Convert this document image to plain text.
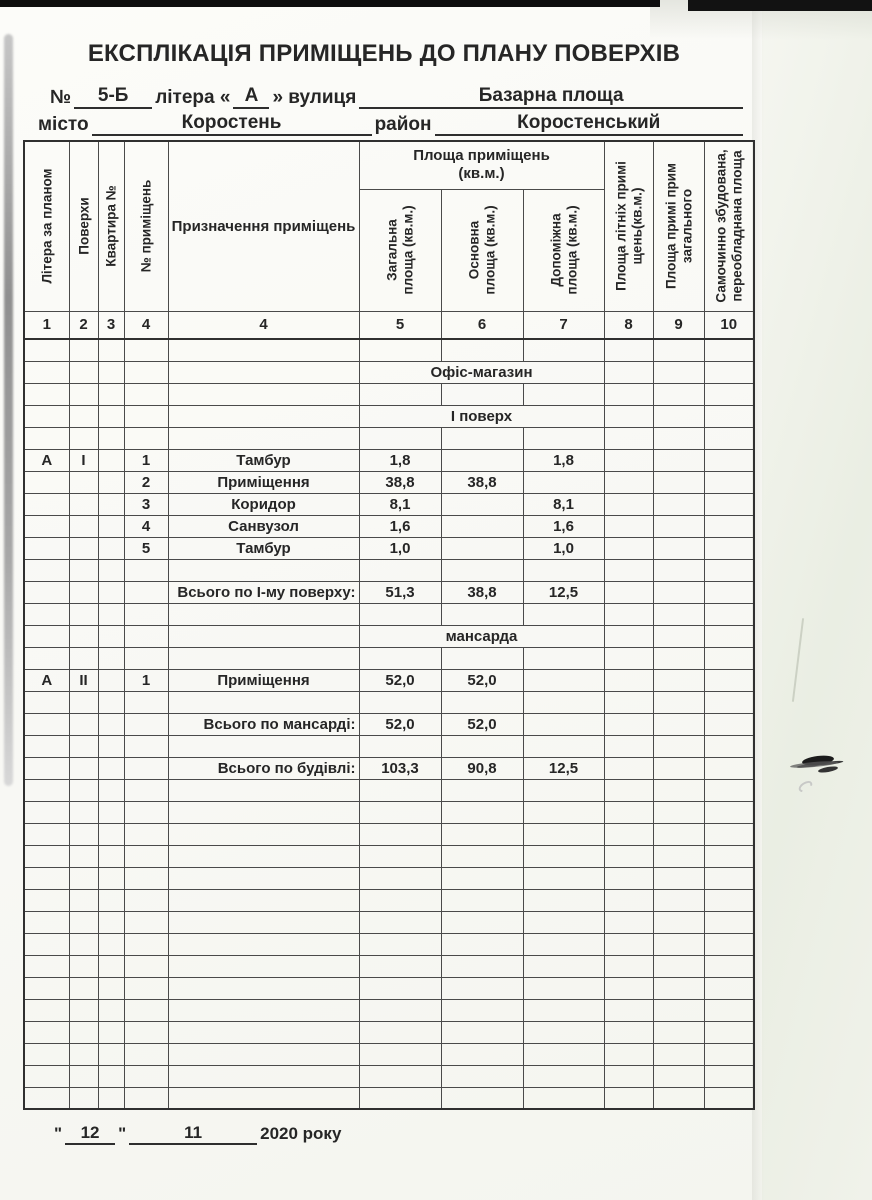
ЕКСПЛІКАЦІЯ ПРИМІЩЕНЬ ДО ПЛАНУ ПОВЕРХІВ
№	5-Б	літера « А » вулиця	Базарна площа
місто	Коростень	район	Коростенський
Літера за планом	Поверхи	Квартира №	№ приміщень	Призначення приміщень	
Площа приміщень
(кв.м.)	Площа літніх примі щень(кв.м.)	Площа примі прим загального	Самочинно збудована, переобладнана площа

Загальна площа (кв.м.)	Основна площа (кв.м.)	Допоміжна площа (кв.м.)

1	2	3	4	4	5	6	7	8	9	10

					Офіс-магазин					

					І поверх					

А	І		1	Тамбур	1,8		1,8			
			2	Приміщення	38,8	38,8				
			3	Коридор	8,1		8,1			
			4	Санвузол	1,6		1,6			
			5	Тамбур	1,0		1,0			

				Всього по І-му поверху:	51,3	38,8	12,5			

					мансарда					

А	ІІ		1	Приміщення	52,0	52,0				

				Всього по мансарді:	52,0	52,0				

				Всього по будівлі:	103,3	90,8	12,5			

"	12	"	11	2020 року
